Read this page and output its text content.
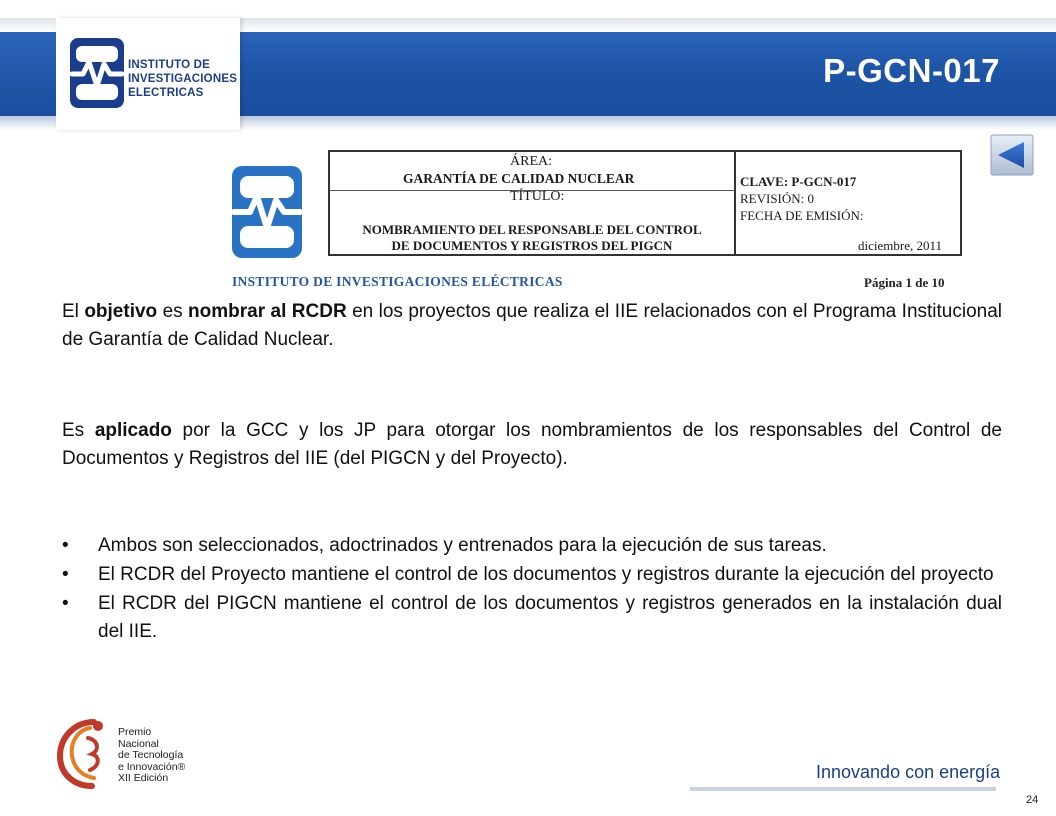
INSTITUTO DE
INVESTIGACIONES
ELECTRICAS
P-GCN-017
INSTITUTO DE INVESTIGACIONES ELÉCTRICAS
ÁREA:
GARANTÍA DE CALIDAD NUCLEAR
TÍTULO:
NOMBRAMIENTO DEL RESPONSABLE DEL CONTROL
DE DOCUMENTOS Y REGISTROS DEL PIGCN
CLAVE: P-GCN-017
REVISIÓN: 0
FECHA DE EMISIÓN:
diciembre, 2011
Página 1 de 10
El objetivo es nombrar al RCDR en los proyectos que realiza el IIE relacionados con el Programa Institucional de Garantía de Calidad Nuclear.
Es aplicado por la GCC y los JP para otorgar los nombramientos de los responsables del Control de Documentos y Registros del IIE (del PIGCN y del Proyecto).
• Ambos son seleccionados, adoctrinados y entrenados para la ejecución de sus tareas.
• El RCDR del Proyecto mantiene el control de los documentos y registros durante la ejecución del proyecto
• El RCDR del PIGCN mantiene el control de los documentos y registros generados en la instalación dual del IIE.
Premio
Nacional
de Tecnología
e Innovación®
XII Edición	Innovando con energía
24
